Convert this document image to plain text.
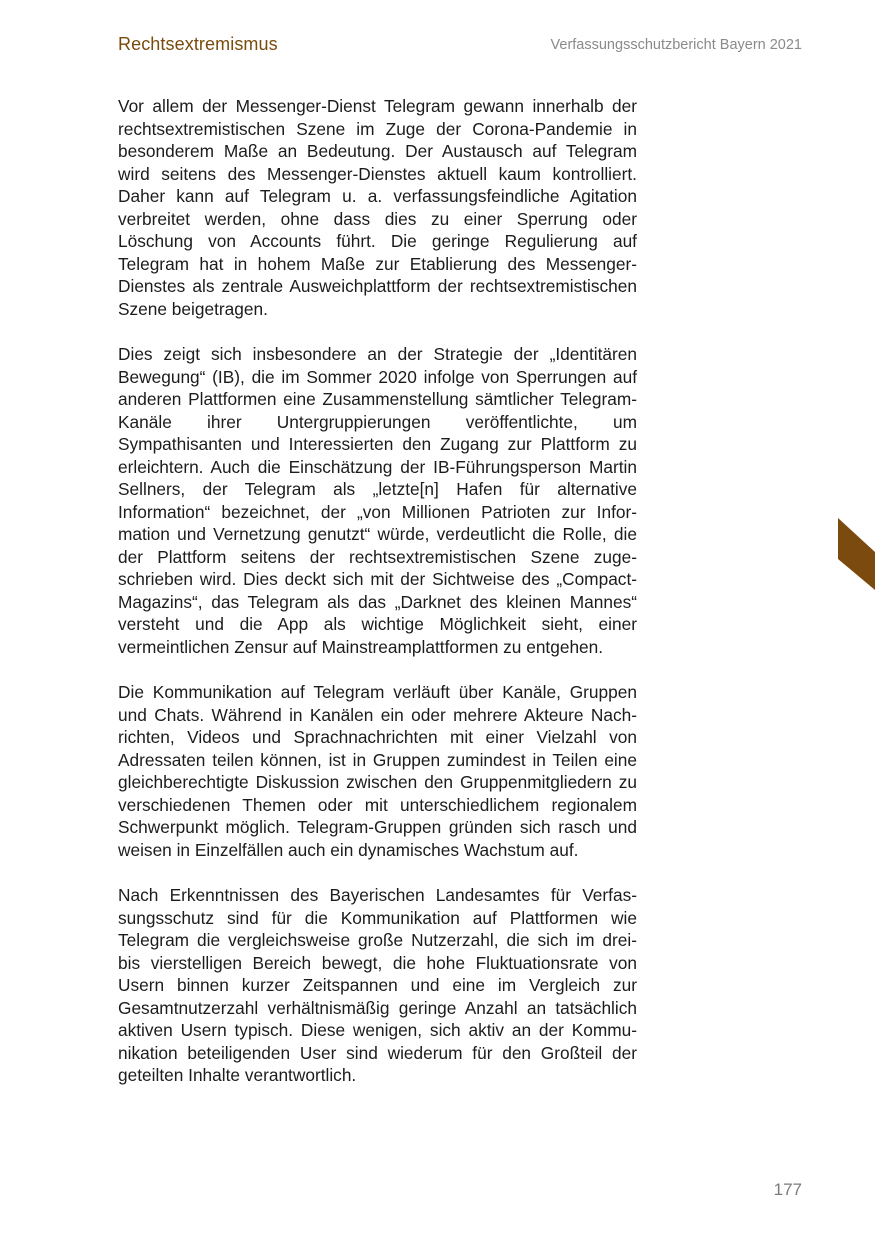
Rechtsextremismus	Verfassungsschutzbericht Bayern 2021

Vor allem der Messenger-Dienst Telegram gewann innerhalb der rechtsextremistischen Szene im Zuge der Corona-Pandemie in besonderem Maße an Bedeutung. Der Austausch auf Telegram wird seitens des Messenger-Dienstes aktuell kaum kontrolliert. Daher kann auf Telegram u. a. verfassungsfeindliche Agitation verbreitet werden, ohne dass dies zu einer Sperrung oder Löschung von Accounts führt. Die geringe Regulierung auf Telegram hat in hohem Maße zur Etablierung des Messenger-Dienstes als zentrale Ausweichplattform der rechtsextremistischen Szene beigetragen.

Dies zeigt sich insbesondere an der Strategie der „Identitären Bewegung“ (IB), die im Sommer 2020 infolge von Sperrungen auf anderen Plattformen eine Zusammenstellung sämtlicher Telegram-Kanäle ihrer Untergruppierungen veröffentlichte, um Sympathisanten und Interessierten den Zugang zur Plattform zu erleichtern. Auch die Einschätzung der IB-Führungsperson Martin Sellners, der Telegram als „letzte[n] Hafen für alternative Information“ bezeichnet, der „von Millionen Patrioten zur Information und Vernetzung genutzt“ würde, verdeutlicht die Rolle, die der Plattform seitens der rechtsextremistischen Szene zugeschrieben wird. Dies deckt sich mit der Sichtweise des „Compact-Magazins“, das Telegram als das „Darknet des kleinen Mannes“ versteht und die App als wichtige Möglichkeit sieht, einer vermeintlichen Zensur auf Mainstreamplattformen zu entgehen.

Die Kommunikation auf Telegram verläuft über Kanäle, Gruppen und Chats. Während in Kanälen ein oder mehrere Akteure Nachrichten, Videos und Sprachnachrichten mit einer Vielzahl von Adressaten teilen können, ist in Gruppen zumindest in Teilen eine gleichberechtigte Diskussion zwischen den Gruppenmitgliedern zu verschiedenen Themen oder mit unterschiedlichem regionalem Schwerpunkt möglich. Telegram-Gruppen gründen sich rasch und weisen in Einzelfällen auch ein dynamisches Wachstum auf.

Nach Erkenntnissen des Bayerischen Landesamtes für Verfassungsschutz sind für die Kommunikation auf Plattformen wie Telegram die vergleichsweise große Nutzerzahl, die sich im drei- bis vierstelligen Bereich bewegt, die hohe Fluktuationsrate von Usern binnen kurzer Zeitspannen und eine im Vergleich zur Gesamtnutzerzahl verhältnismäßig geringe Anzahl an tatsächlich aktiven Usern typisch. Diese wenigen, sich aktiv an der Kommunikation beteiligenden User sind wiederum für den Großteil der geteilten Inhalte verantwortlich.

177
